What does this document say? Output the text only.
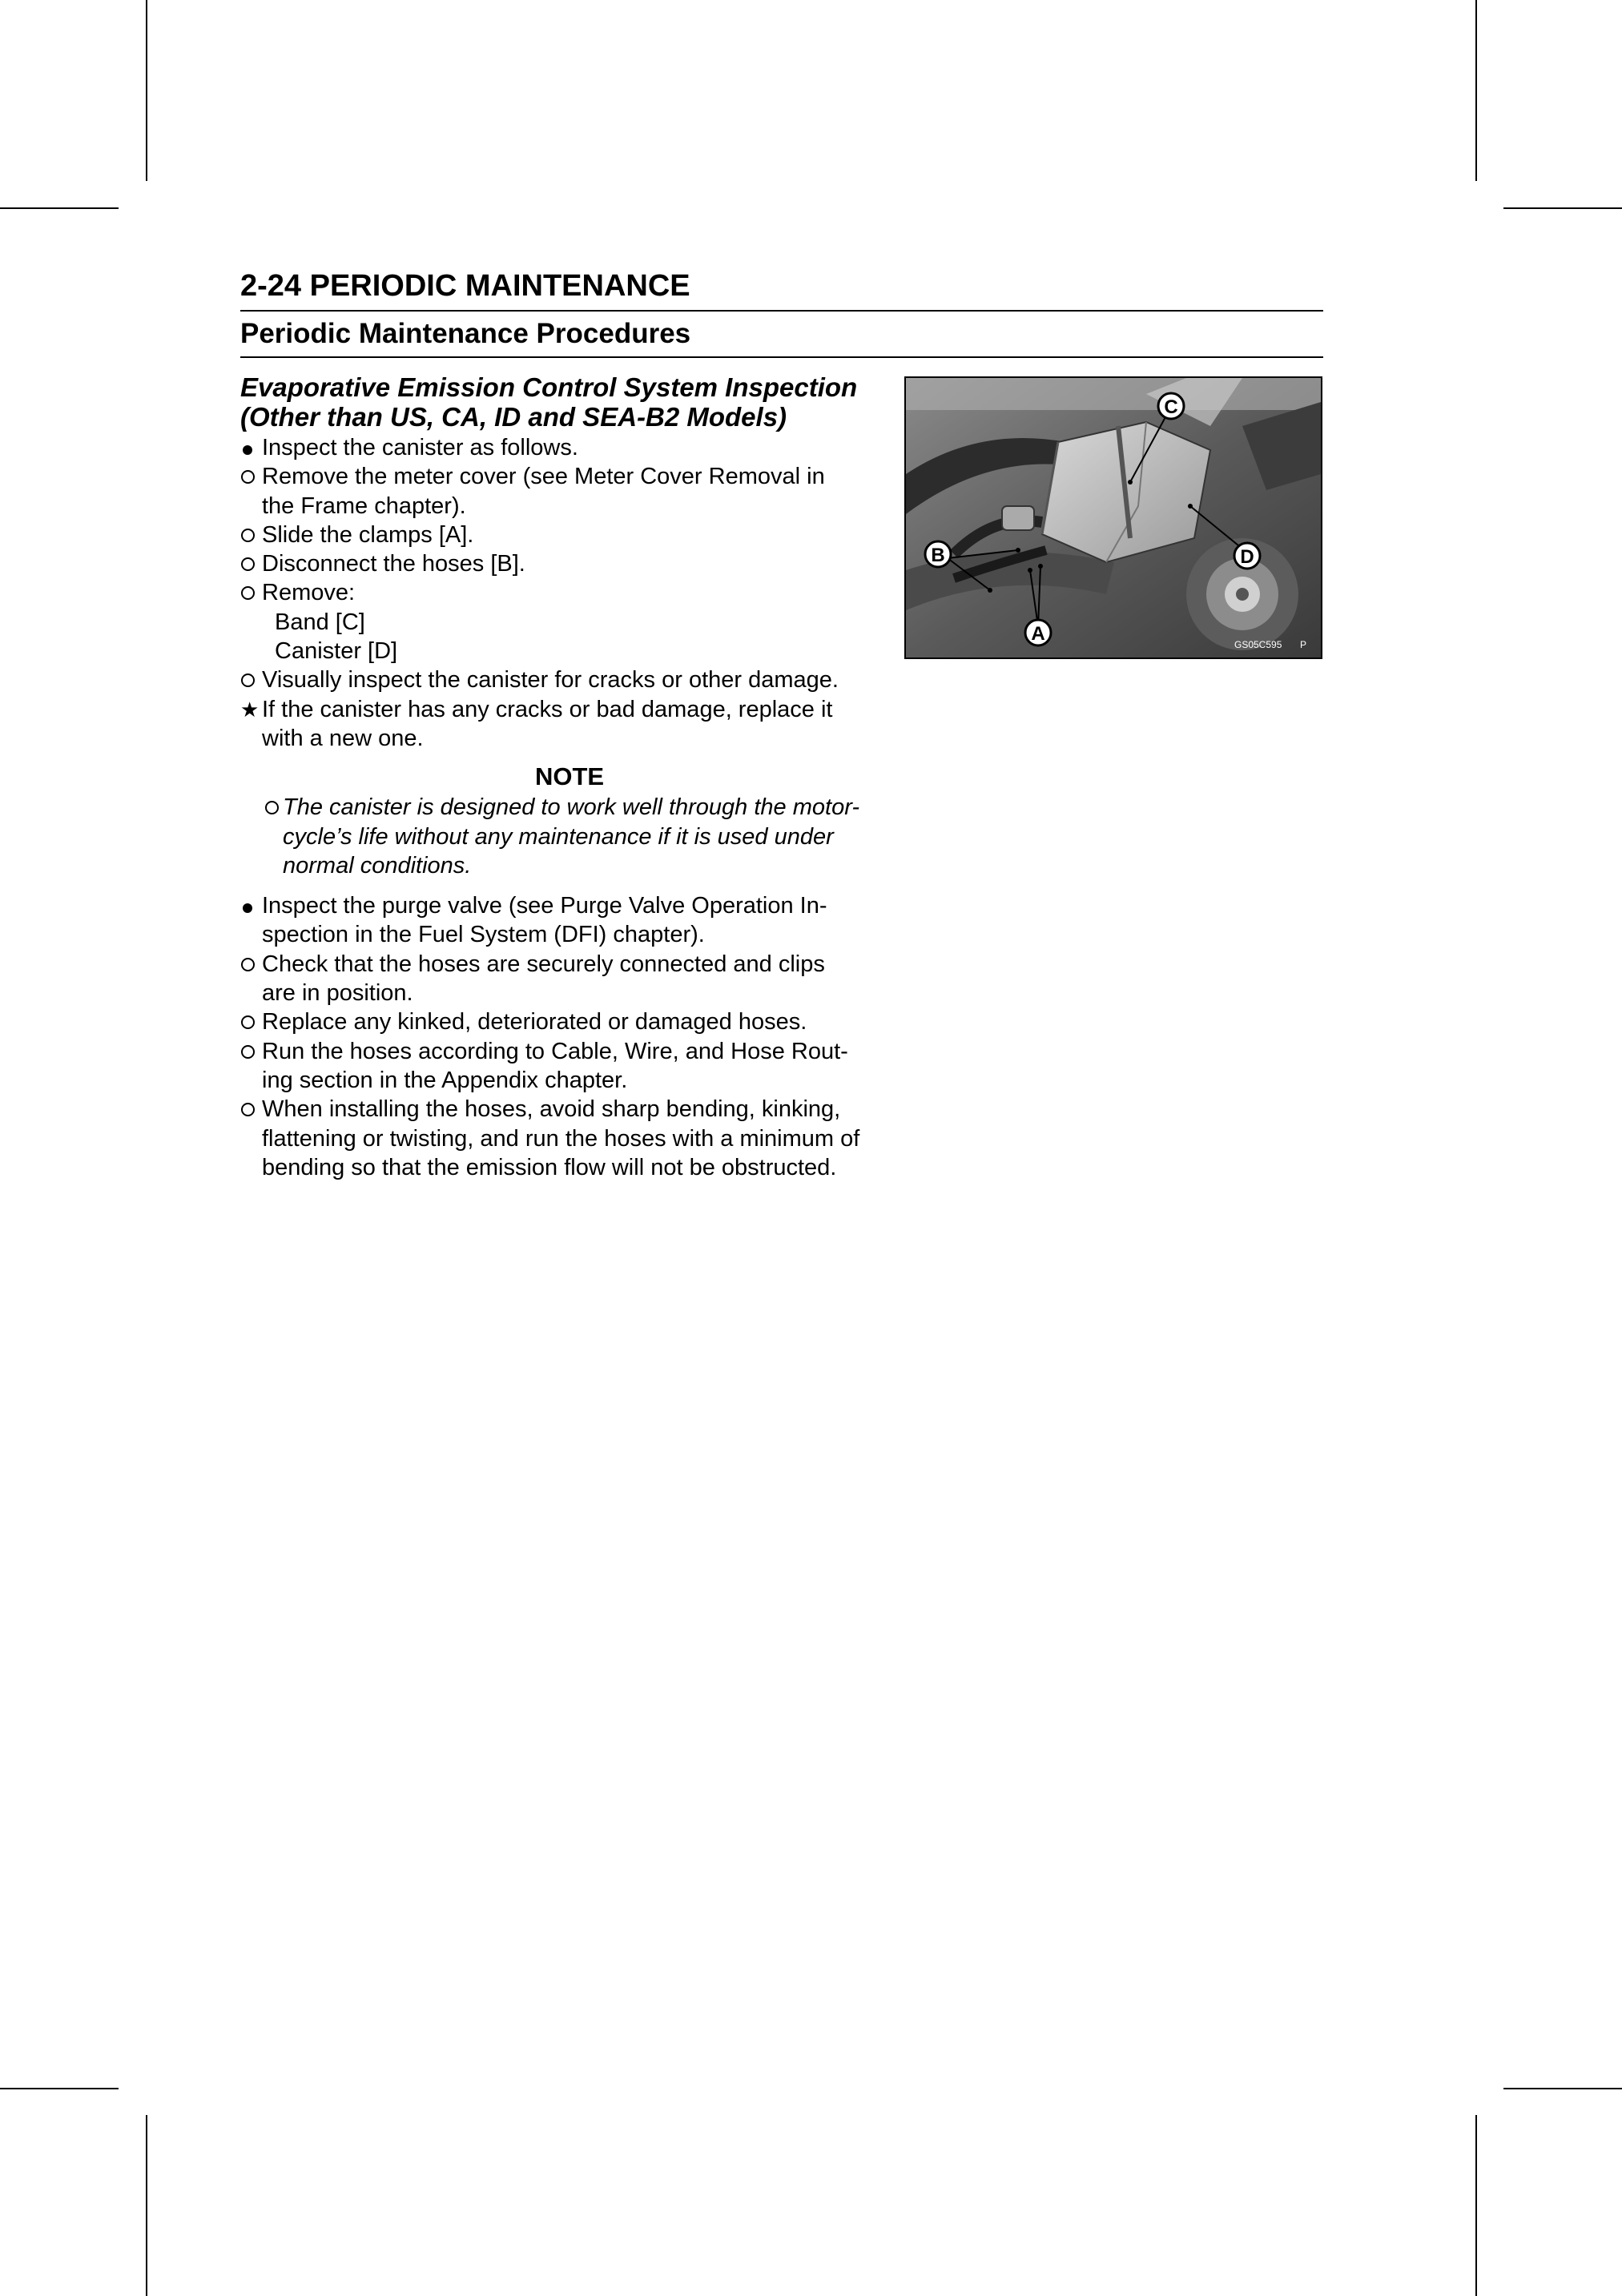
2-24 PERIODIC MAINTENANCE
Periodic Maintenance Procedures
Evaporative Emission Control System Inspection
(Other than US, CA, ID and SEA-B2 Models)
Inspect the canister as follows.
Remove the meter cover (see Meter Cover Removal in
the Frame chapter).
Slide the clamps [A].
Disconnect the hoses [B].
Remove:
Band [C]
Canister [D]
Visually inspect the canister for cracks or other damage.
★ If the canister has any cracks or bad damage, replace it
with a new one.
NOTE
The canister is designed to work well through the motor-
cycle’s life without any maintenance if it is used under
normal conditions.
Inspect the purge valve (see Purge Valve Operation In-
spection in the Fuel System (DFI) chapter).
Check that the hoses are securely connected and clips
are in position.
Replace any kinked, deteriorated or damaged hoses.
Run the hoses according to Cable, Wire, and Hose Rout-
ing section in the Appendix chapter.
When installing the hoses, avoid sharp bending, kinking,
flattening or twisting, and run the hoses with a minimum of
bending so that the emission flow will not be obstructed.
A
B
C
D
GS05C595 P
